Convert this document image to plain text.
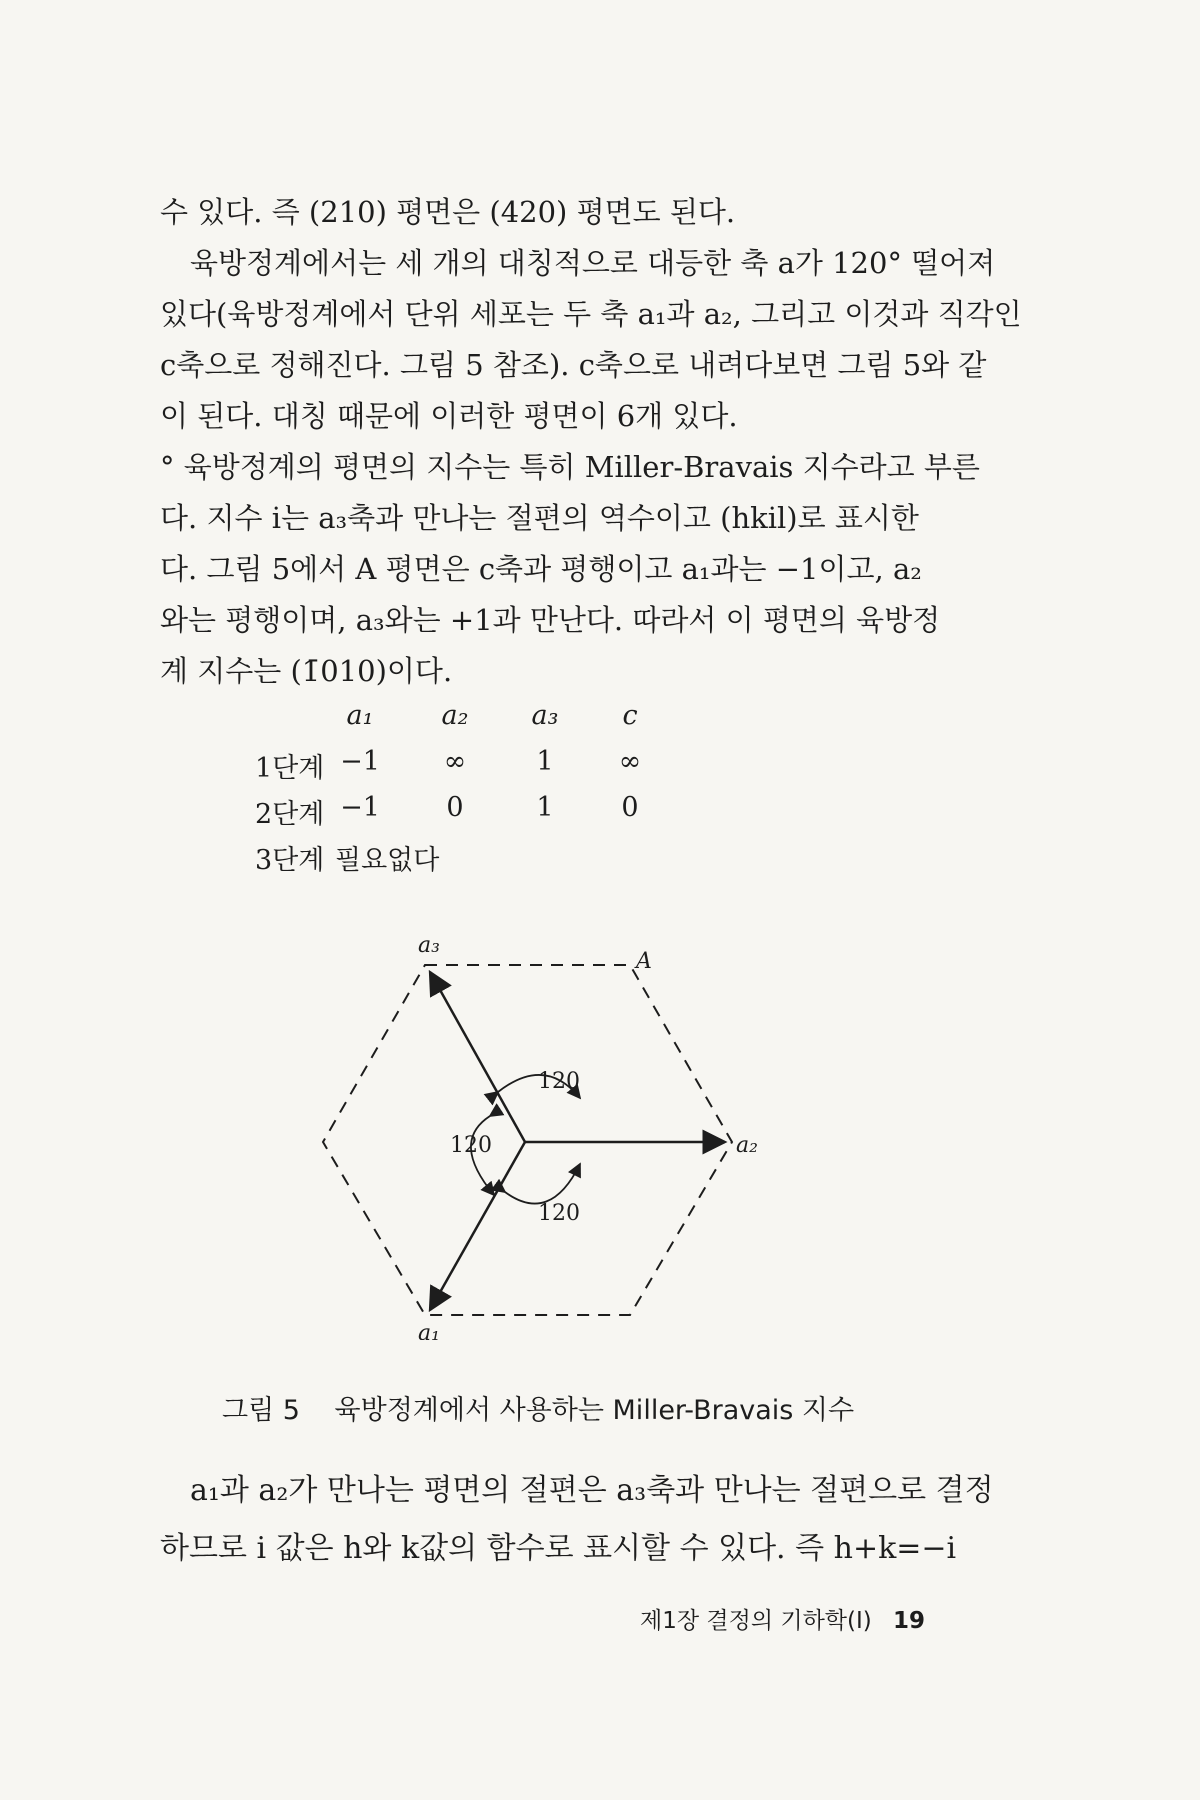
수 있다. 즉 (210) 평면은 (420) 평면도 된다.
육방정계에서는 세 개의 대칭적으로 대등한 축 a가 120° 떨어져
있다(육방정계에서 단위 세포는 두 축 a₁과 a₂, 그리고 이것과 직각인
c축으로 정해진다. 그림 5 참조). c축으로 내려다보면 그림 5와 같
이 된다. 대칭 때문에 이러한 평면이 6개 있다.
° 육방정계의 평면의 지수는 특히 Miller-Bravais 지수라고 부른
다. 지수 i는 a₃축과 만나는 절편의 역수이고 (hkil)로 표시한
다. 그림 5에서 A 평면은 c축과 평행이고 a₁과는 −1이고, a₂
와는 평행이며, a₃와는 +1과 만난다. 따라서 이 평면의 육방정
계 지수는 (1̄010)이다.
a₁	a₂	a₃	c
1단계 −1	∞	1	∞
2단계 −1	0	1	0
3단계 필요없다
120
120
120
a₃
A
a₂
a₁
그림 5 육방정계에서 사용하는 Miller-Bravais 지수
a₁과 a₂가 만나는 평면의 절편은 a₃축과 만나는 절편으로 결정
하므로 i 값은 h와 k값의 함수로 표시할 수 있다. 즉 h+k=−i
제1장 결정의 기하학(Ⅰ) 19
